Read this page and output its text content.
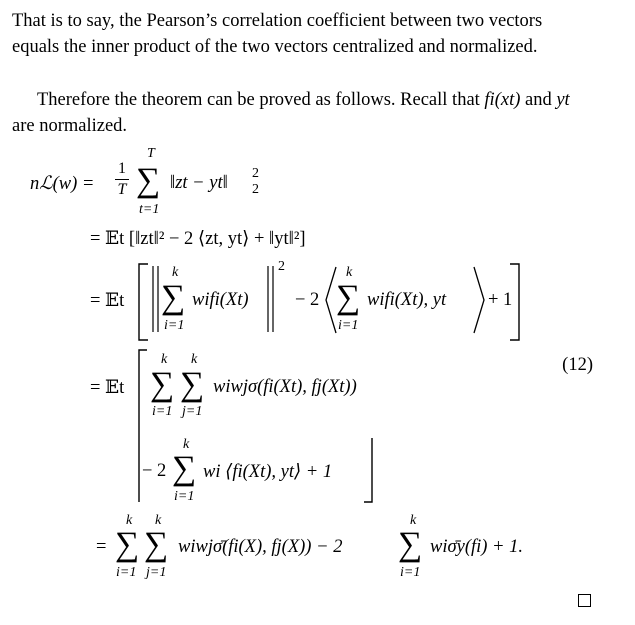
That is to say, the Pearson’s correlation coefficient between two vectors equals the inner product of the two vectors centralized and normalized.
Therefore the theorem can be proved as follows. Recall that fi(xt) and yt are normalized.
nℒ(w) =
1
T
T
∑
t=1
‖zt − yt‖ 2
2
= 𝔼t [‖zt‖² − 2 ⟨zt, yt⟩ + ‖yt‖²]
= 𝔼t
k
∑
i=1
wifi(Xt)
2
− 2
k
∑
i=1
wifi(Xt), yt + 1
= 𝔼t
k k
∑ ∑
i=1 j=1
wiwjσ(fi(Xt), fj(Xt))
(12)
− 2
k
∑
i=1
wi ⟨fi(Xt), yt⟩ + 1
=
k k
∑ ∑
i=1 j=1
wiwjσ̄(fi(X), fj(X)) − 2
k
∑
i=1
wiσ̄y(fi) + 1.
